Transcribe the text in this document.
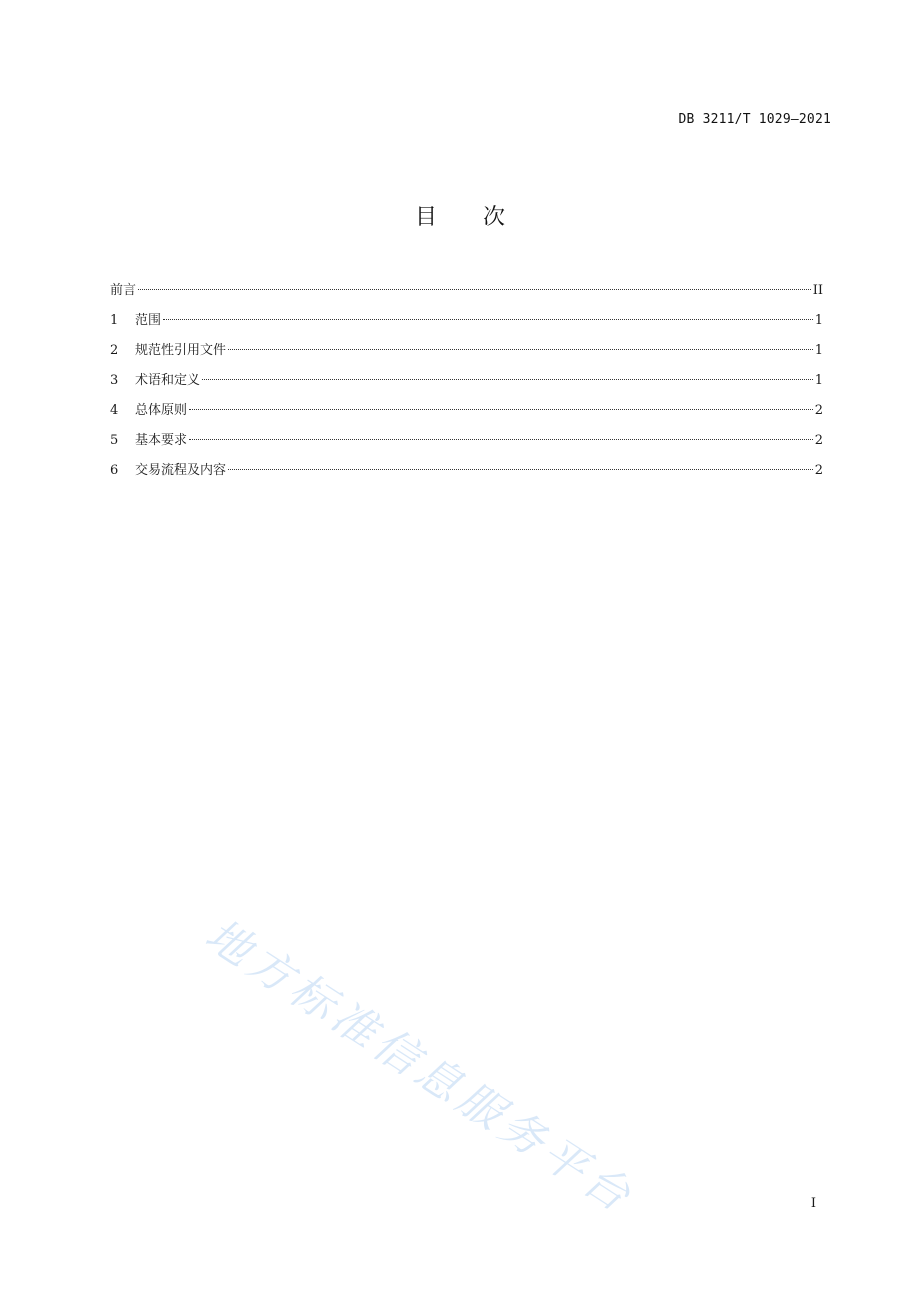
DB 3211/T 1029—2021
目 次
前言	II
1	范围	1
2	规范性引用文件	1
3	术语和定义	1
4	总体原则	2
5	基本要求	2
6	交易流程及内容	2
地方标准信息服务平台	I
